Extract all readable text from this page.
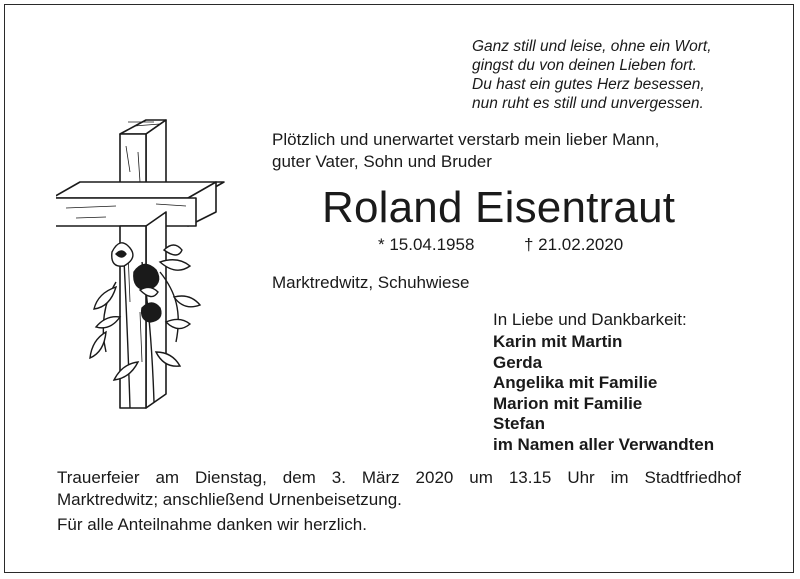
Ganz still und leise, ohne ein Wort,
gingst du von deinen Lieben fort.
Du hast ein gutes Herz besessen,
nun ruht es still und unvergessen.
Plötzlich und unerwartet verstarb mein lieber Mann,
guter Vater, Sohn und Bruder
Roland Eisentraut
* 15.04.1958	† 21.02.2020
Marktredwitz, Schuhwiese
In Liebe und Dankbarkeit:
Karin mit Martin
Gerda
Angelika mit Familie
Marion mit Familie
Stefan
im Namen aller Verwandten
Trauerfeier am Dienstag, dem 3. März 2020 um 13.15 Uhr im Stadtfriedhof
Marktredwitz; anschließend Urnenbeisetzung.
Für alle Anteilnahme danken wir herzlich.
